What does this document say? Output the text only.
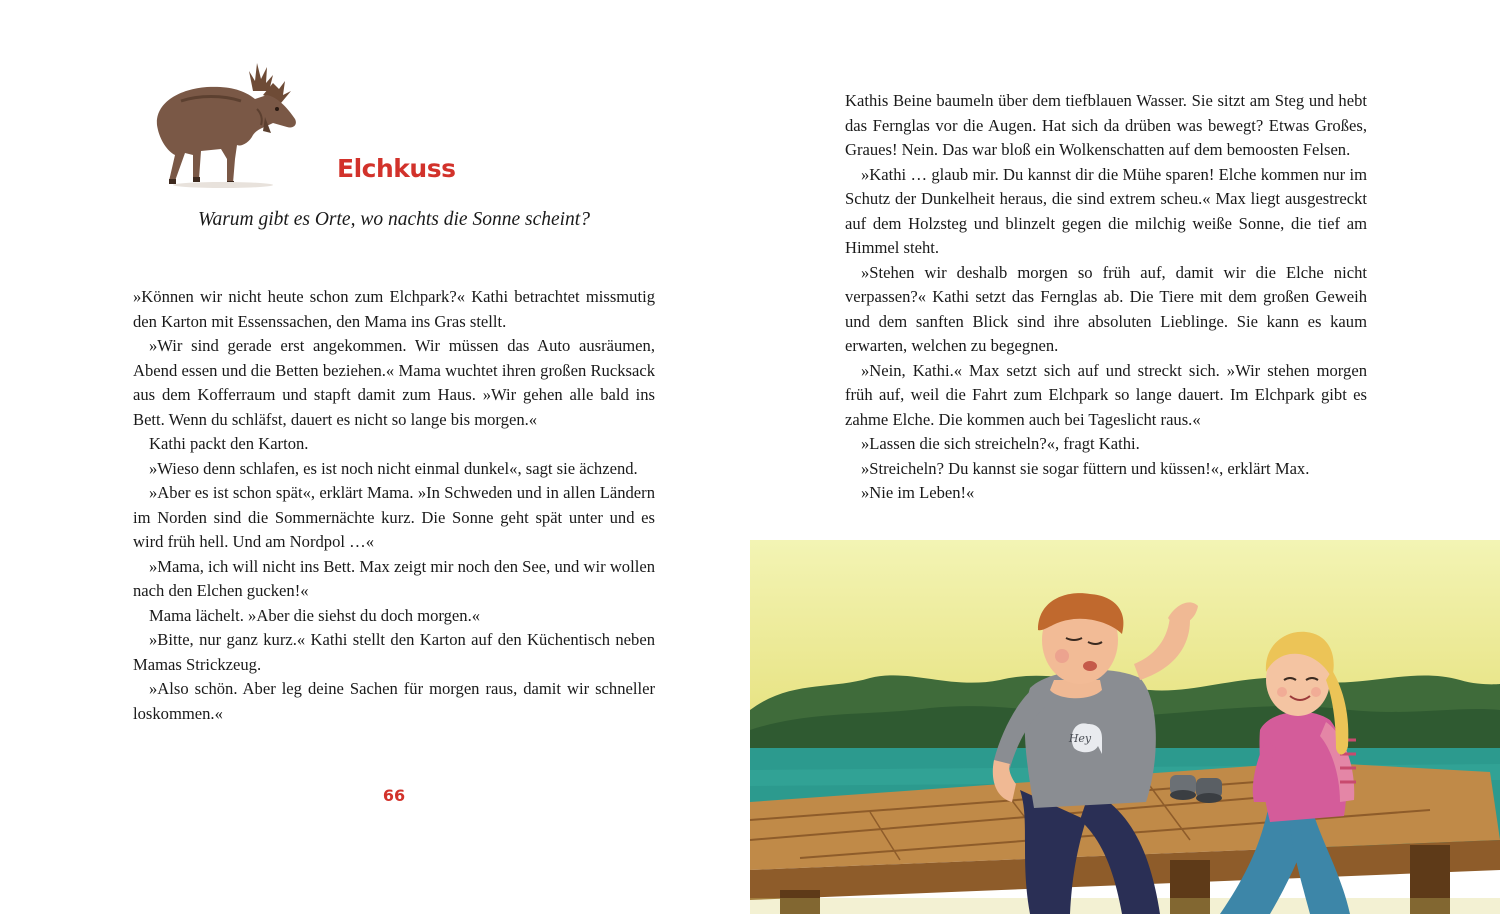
Elchkuss
Warum gibt es Orte, wo nachts die Sonne scheint?

»Können wir nicht heute schon zum Elchpark?« Kathi betrachtet missmutig den Karton mit Essenssachen, den Mama ins Gras stellt.

»Wir sind gerade erst angekommen. Wir müssen das Auto ausräumen, Abend essen und die Betten beziehen.« Mama wuchtet ihren großen Rucksack aus dem Kofferraum und stapft damit zum Haus. »Wir gehen alle bald ins Bett. Wenn du schläfst, dauert es nicht so lange bis morgen.«

Kathi packt den Karton.

»Wieso denn schlafen, es ist noch nicht einmal dunkel«, sagt sie ächzend.

»Aber es ist schon spät«, erklärt Mama. »In Schweden und in allen Ländern im Norden sind die Sommernächte kurz. Die Sonne geht spät unter und es wird früh hell. Und am Nordpol …«

»Mama, ich will nicht ins Bett. Max zeigt mir noch den See, und wir wollen nach den Elchen gucken!«

Mama lächelt. »Aber die siehst du doch morgen.«

»Bitte, nur ganz kurz.« Kathi stellt den Karton auf den Küchentisch neben Mamas Strickzeug.

»Also schön. Aber leg deine Sachen für morgen raus, damit wir schneller loskommen.«

66

Kathis Beine baumeln über dem tiefblauen Wasser. Sie sitzt am Steg und hebt das Fernglas vor die Augen. Hat sich da drüben was bewegt? Etwas Großes, Graues! Nein. Das war bloß ein Wolkenschatten auf dem bemoosten Felsen.

»Kathi … glaub mir. Du kannst dir die Mühe sparen! Elche kommen nur im Schutz der Dunkelheit heraus, die sind extrem scheu.« Max liegt ausgestreckt auf dem Holzsteg und blinzelt gegen die milchig weiße Sonne, die tief am Himmel steht.

»Stehen wir deshalb morgen so früh auf, damit wir die Elche nicht verpassen?« Kathi setzt das Fernglas ab. Die Tiere mit dem großen Geweih und dem sanften Blick sind ihre absoluten Lieblinge. Sie kann es kaum erwarten, welchen zu begegnen.

»Nein, Kathi.« Max setzt sich auf und streckt sich. »Wir stehen morgen früh auf, weil die Fahrt zum Elchpark so lange dauert. Im Elchpark gibt es zahme Elche. Die kommen auch bei Tageslicht raus.«

»Lassen die sich streicheln?«, fragt Kathi.

»Streicheln? Du kannst sie sogar füttern und küssen!«, erklärt Max.

»Nie im Leben!«

Hey
